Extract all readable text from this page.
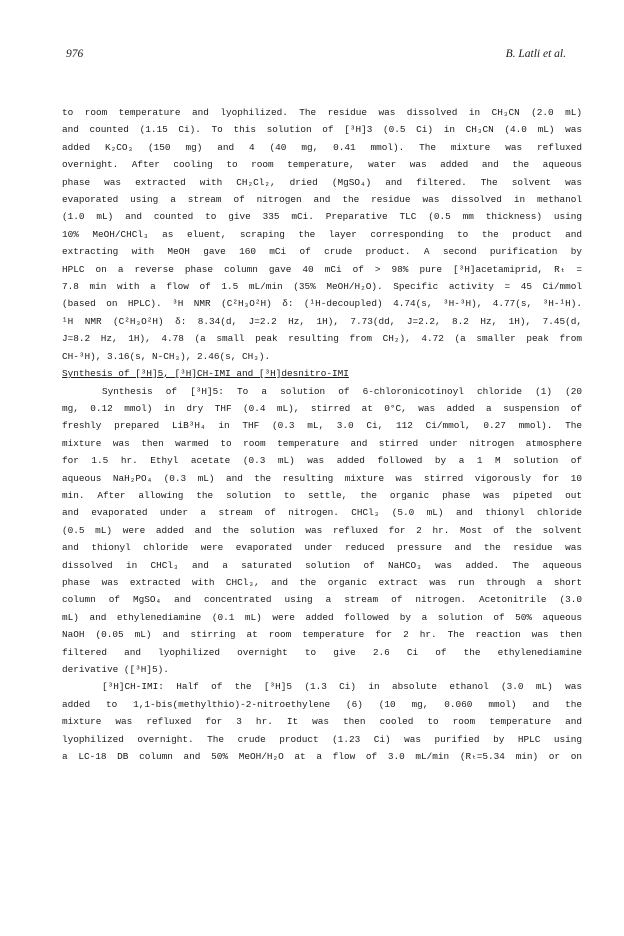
976	B. Latli et al.
to room temperature and lyophilized. The residue was dissolved in CH₃CN (2.0 mL)
and counted (1.15 Ci). To this solution of [³H]3 (0.5 Ci) in CH₃CN (4.0 mL) was
added K₂CO₃ (150 mg) and 4 (40 mg, 0.41 mmol). The mixture was refluxed
overnight. After cooling to room temperature, water was added and the aqueous
phase was extracted with CH₂Cl₂, dried (MgSO₄) and filtered. The solvent was
evaporated using a stream of nitrogen and the residue was dissolved in methanol
(1.0 mL) and counted to give 335 mCi. Preparative TLC (0.5 mm thickness) using
10% MeOH/CHCl₃ as eluent, scraping the layer corresponding to the product and
extracting with MeOH gave 160 mCi of crude product. A second purification by
HPLC on a reverse phase column gave 40 mCi of > 98% pure [³H]acetamiprid, Rₜ =
7.8 min with a flow of 1.5 mL/min (35% MeOH/H₂O). Specific activity = 45 Ci/mmol
(based on HPLC). ³H NMR (C²H₃O²H) δ: (¹H-decoupled) 4.74(s, ³H-³H), 4.77(s, ³H-¹H).
¹H NMR (C²H₃O²H) δ: 8.34(d, J=2.2 Hz, 1H), 7.73(dd, J=2.2, 8.2 Hz, 1H), 7.45(d,
J=8.2 Hz, 1H), 4.78 (a small peak resulting from CH₂), 4.72 (a smaller peak from
CH-³H), 3.16(s, N-CH₃), 2.46(s, CH₃).
Synthesis of [³H]5, [³H]CH-IMI and [³H]desnitro-IMI
Synthesis of [³H]5: To a solution of 6-chloronicotinoyl chloride (1) (20
mg, 0.12 mmol) in dry THF (0.4 mL), stirred at 0°C, was added a suspension of
freshly prepared LiB³H₄ in THF (0.3 mL, 3.0 Ci, 112 Ci/mmol, 0.27 mmol). The
mixture was then warmed to room temperature and stirred under nitrogen atmosphere
for 1.5 hr. Ethyl acetate (0.3 mL) was added followed by a 1 M solution of
aqueous NaH₂PO₄ (0.3 mL) and the resulting mixture was stirred vigorously for 10
min. After allowing the solution to settle, the organic phase was pipeted out
and evaporated under a stream of nitrogen. CHCl₃ (5.0 mL) and thionyl chloride
(0.5 mL) were added and the solution was refluxed for 2 hr. Most of the solvent
and thionyl chloride were evaporated under reduced pressure and the residue was
dissolved in CHCl₃ and a saturated solution of NaHCO₃ was added. The aqueous
phase was extracted with CHCl₃, and the organic extract was run through a short
column of MgSO₄ and concentrated using a stream of nitrogen. Acetonitrile (3.0
mL) and ethylenediamine (0.1 mL) were added followed by a solution of 50% aqueous
NaOH (0.05 mL) and stirring at room temperature for 2 hr. The reaction was then
filtered and lyophilized overnight to give 2.6 Ci of the ethylenediamine
derivative ([³H]5).
[³H]CH-IMI: Half of the [³H]5 (1.3 Ci) in absolute ethanol (3.0 mL) was
added to 1,1-bis(methylthio)-2-nitroethylene (6) (10 mg, 0.060 mmol) and the
mixture was refluxed for 3 hr. It was then cooled to room temperature and
lyophilized overnight. The crude product (1.23 Ci) was purified by HPLC using
a LC-18 DB column and 50% MeOH/H₂O at a flow of 3.0 mL/min (Rₜ=5.34 min) or on
